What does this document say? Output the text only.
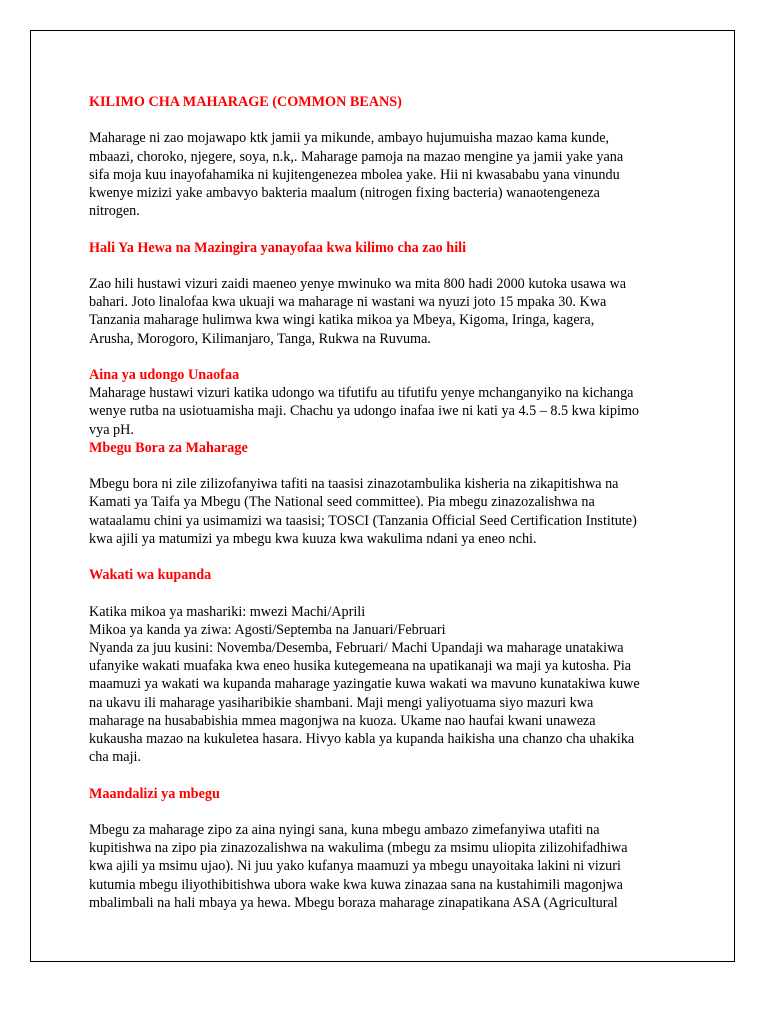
KILIMO CHA MAHARAGE (COMMON BEANS)

Maharage ni zao mojawapo ktk jamii ya mikunde, ambayo hujumuisha mazao kama kunde,
mbaazi, choroko, njegere, soya, n.k,. Maharage pamoja na mazao mengine ya jamii yake yana
sifa moja kuu inayofahamika ni kujitengenezea mbolea yake. Hii ni kwasababu yana vinundu
kwenye mizizi yake ambavyo bakteria maalum (nitrogen fixing bacteria) wanaotengeneza
nitrogen.

Hali Ya Hewa na Mazingira yanayofaa kwa kilimo cha zao hili

Zao hili hustawi vizuri zaidi maeneo yenye mwinuko wa mita 800 hadi 2000 kutoka usawa wa
bahari. Joto linalofaa kwa ukuaji wa maharage ni wastani wa nyuzi joto 15 mpaka 30. Kwa
Tanzania maharage hulimwa kwa wingi katika mikoa ya Mbeya, Kigoma, Iringa, kagera,
Arusha, Morogoro, Kilimanjaro, Tanga, Rukwa na Ruvuma.

Aina ya udongo Unaofaa

Maharage hustawi vizuri katika udongo wa tifutifu au tifutifu yenye mchanganyiko na kichanga
wenye rutba na usiotuamisha maji. Chachu ya udongo inafaa iwe ni kati ya 4.5 – 8.5 kwa kipimo
vya pH.

Mbegu Bora za Maharage

Mbegu bora ni zile zilizofanyiwa tafiti na taasisi zinazotambulika kisheria na zikapitishwa na
Kamati ya Taifa ya Mbegu (The National seed committee). Pia mbegu zinazozalishwa na
wataalamu chini ya usimamizi wa taasisi; TOSCI (Tanzania Official Seed Certification Institute)
kwa ajili ya matumizi ya mbegu kwa kuuza kwa wakulima ndani ya eneo nchi.

Wakati wa kupanda

Katika mikoa ya mashariki: mwezi Machi/Aprili
Mikoa ya kanda ya ziwa: Agosti/Septemba na Januari/Februari
Nyanda za juu kusini: Novemba/Desemba, Februari/ Machi Upandaji wa maharage unatakiwa
ufanyike wakati muafaka kwa eneo husika kutegemeana na upatikanaji wa maji ya kutosha. Pia
maamuzi ya wakati wa kupanda maharage yazingatie kuwa wakati wa mavuno kunatakiwa kuwe
na ukavu ili maharage yasiharibikie shambani. Maji mengi yaliyotuama siyo mazuri kwa
maharage na husababishia mmea magonjwa na kuoza. Ukame nao haufai kwani unaweza
kukausha mazao na kukuletea hasara. Hivyo kabla ya kupanda haikisha una chanzo cha uhakika
cha maji.

Maandalizi ya mbegu

Mbegu za maharage zipo za aina nyingi sana, kuna mbegu ambazo zimefanyiwa utafiti na
kupitishwa na zipo pia zinazozalishwa na wakulima (mbegu za msimu uliopita zilizohifadhiwa
kwa ajili ya msimu ujao). Ni juu yako kufanya maamuzi ya mbegu unayoitaka lakini ni vizuri
kutumia mbegu iliyothibitishwa ubora wake kwa kuwa zinazaa sana na kustahimili magonjwa
mbalimbali na hali mbaya ya hewa. Mbegu boraza maharage zinapatikana ASA (Agricultural
